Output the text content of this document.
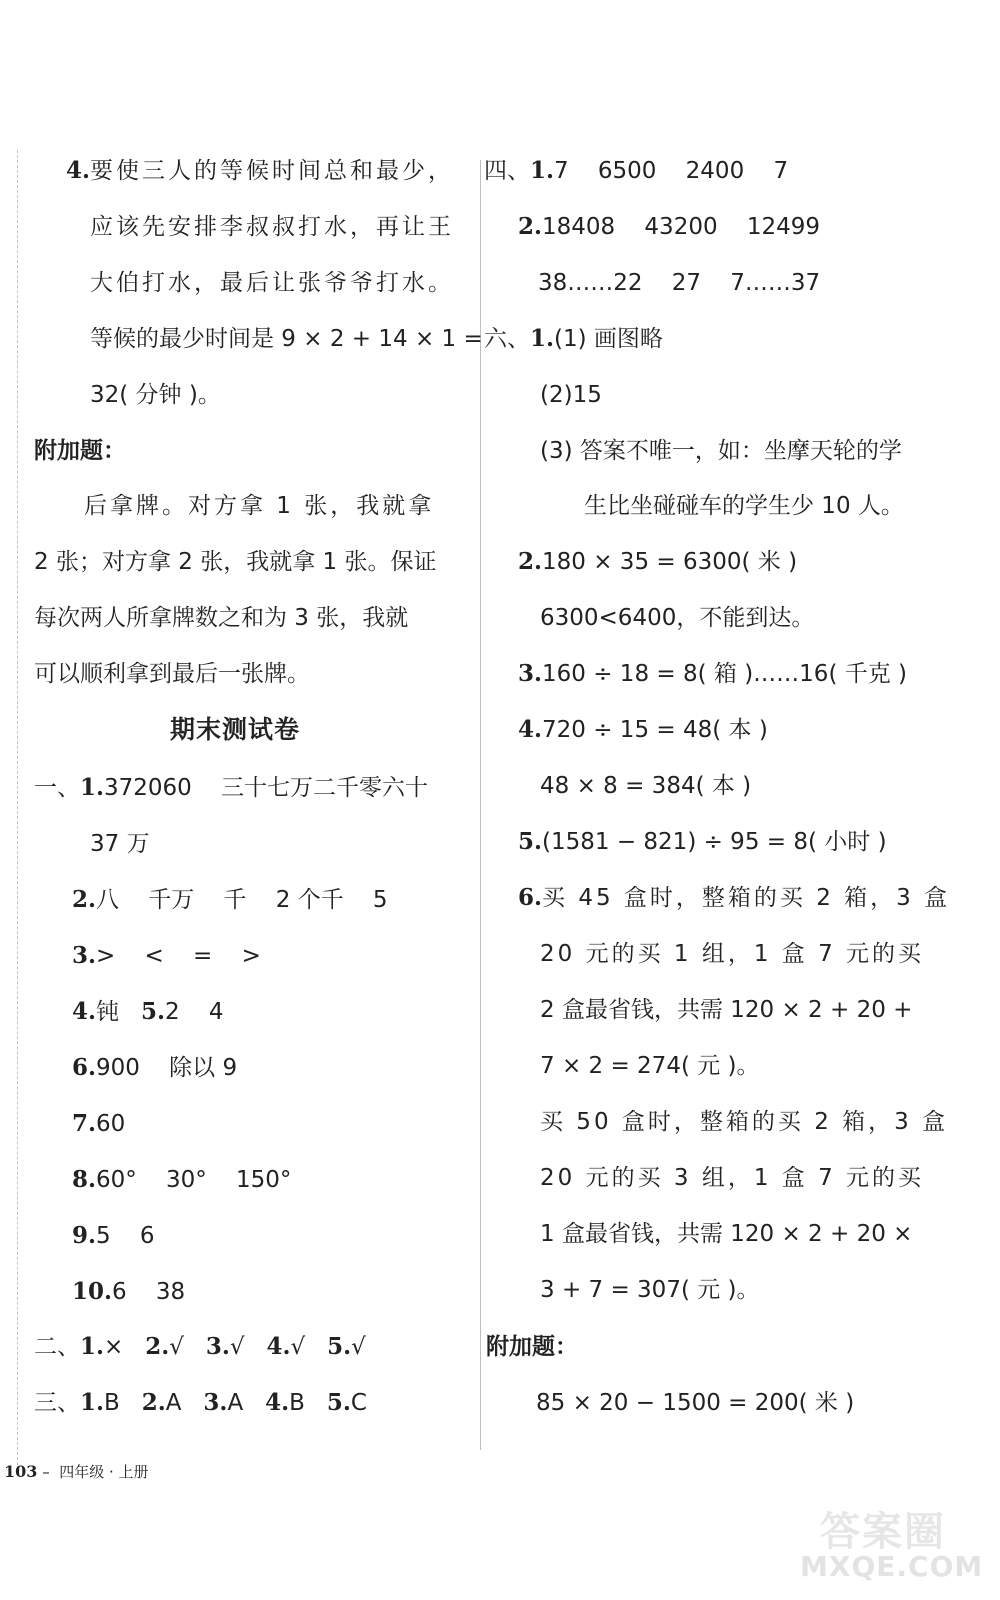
4.要使三人的等候时间总和最少，
应该先安排李叔叔打水，再让王
大伯打水，最后让张爷爷打水。
等候的最少时间是 9 × 2 + 14 × 1 =
32( 分钟 )。
附加题：
后拿牌。对方拿 1 张，我就拿
2 张；对方拿 2 张，我就拿 1 张。保证
每次两人所拿牌数之和为 3 张，我就
可以顺利拿到最后一张牌。
期末测试卷
一、1.372060    三十七万二千零六十
37 万
2.八    千万    千    2 个千    5
3.>    <    =    >
4.钝 5.2    4
6.900    除以 9
7.60
8.60°    30°    150°
9.5    6
10.6    38
二、1.× 2.√ 3.√ 4.√ 5.√
三、1.B 2.A 3.A 4.B 5.C
四、1.7    6500    2400    7
2.18408    43200    12499
38……22    27    7……37
六、1.(1) 画图略
(2)15
(3) 答案不唯一，如：坐摩天轮的学
生比坐碰碰车的学生少 10 人。
2.180 × 35 = 6300( 米 )
6300<6400，不能到达。
3.160 ÷ 18 = 8( 箱 )……16( 千克 )
4.720 ÷ 15 = 48( 本 )
48 × 8 = 384( 本 )
5.(1581 − 821) ÷ 95 = 8( 小时 )
6.买 45 盒时，整箱的买 2 箱，3 盒
20 元的买 1 组，1 盒 7 元的买
2 盒最省钱，共需 120 × 2 + 20 +
7 × 2 = 274( 元 )。
买 50 盒时，整箱的买 2 箱，3 盒
20 元的买 3 组，1 盒 7 元的买
1 盒最省钱，共需 120 × 2 + 20 ×
3 + 7 = 307( 元 )。
附加题：
85 × 20 − 1500 = 200( 米 )
103 – 四年级 · 上册
答案圈
MXQE.COM
